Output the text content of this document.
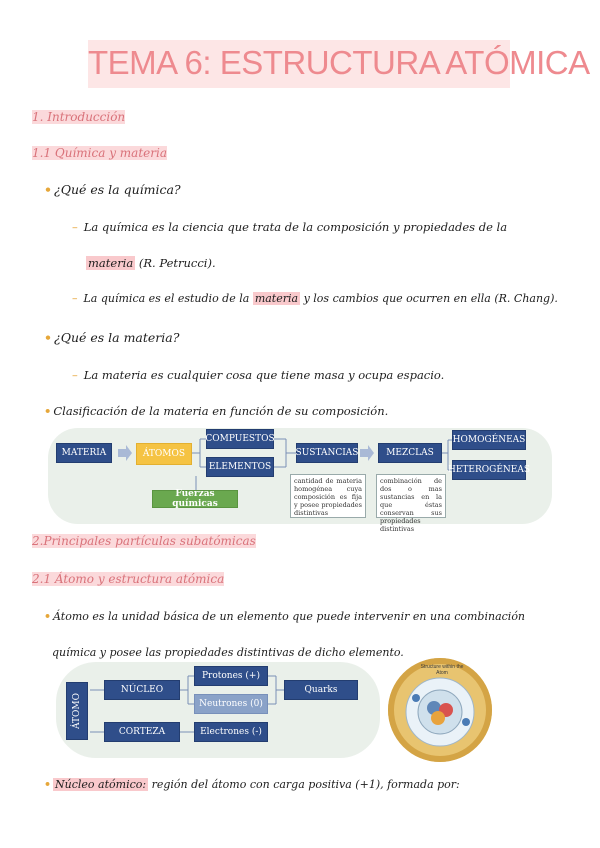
TEMA 6: ESTRUCTURA ATÓMICA
1. Introducción
1.1 Química y materia
• ¿Qué es la química?
– La química es la ciencia que trata de la composición y propiedades de la
materia (R. Petrucci).
– La química es el estudio de la materia y los cambios que ocurren en ella (R. Chang).
• ¿Qué es la materia?
– La materia es cualquier cosa que tiene masa y ocupa espacio.
• Clasificación de la materia en función de su composición.
MATERIA	ÁTOMOS
COMPUESTOS
ELEMENTOS
Fuerzas químicas
SUSTANCIAS	MEZCLAS
HOMOGÉNEAS
HETEROGÉNEAS
cantidad de materia homogénea cuya composición es fija y posee propiedades distintivas
combinación de dos o mas sustancias en la que éstas conservan sus propiedades distintivas
2.Principales partículas subatómicas
2.1 Átomo y estructura atómica
• Átomo es la unidad básica de un elemento que puede intervenir en una combinación
química y posee las propiedades distintivas de dicho elemento.
ÁTOMO
NÚCLEO
CORTEZA
Protones (+)
Neutrones (0)
Electrones (-)
Quarks
Structure within the Atom
• Núcleo atómico: región del átomo con carga positiva (+1), formada por:
